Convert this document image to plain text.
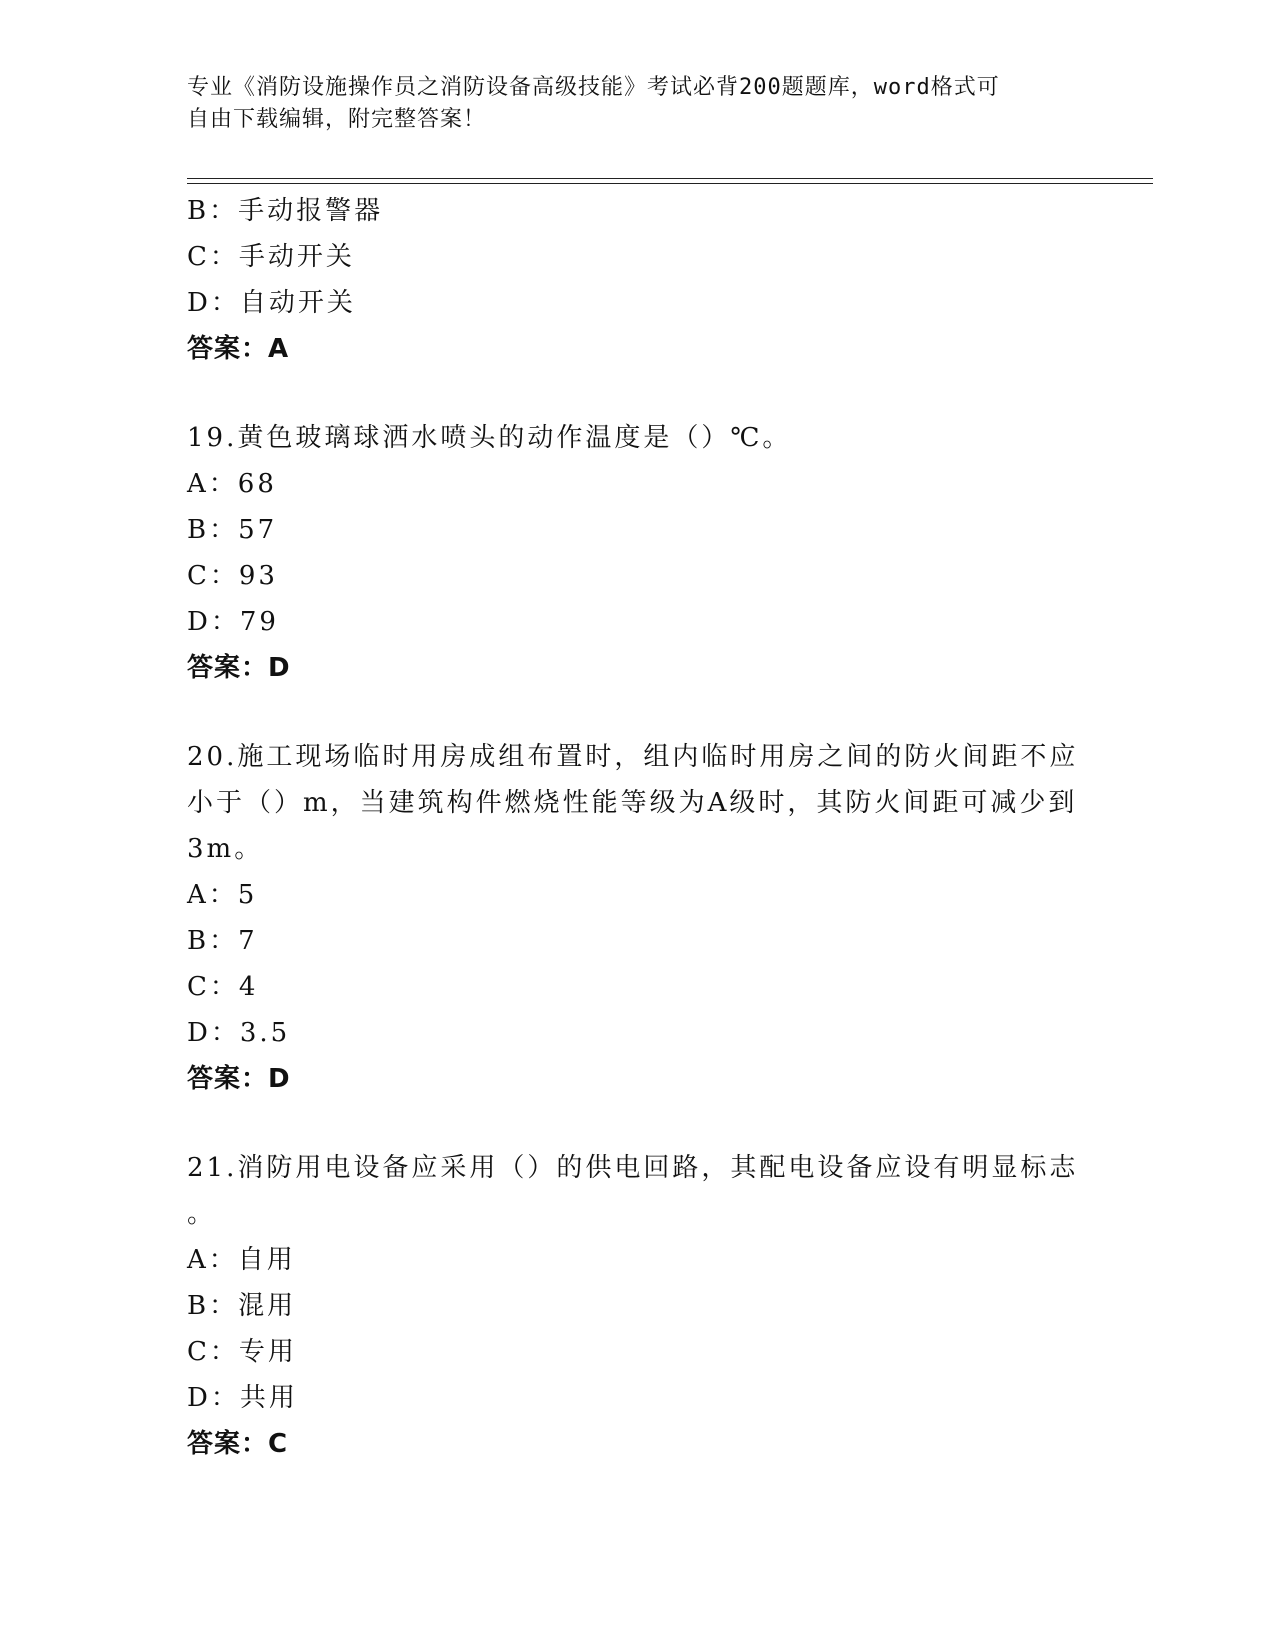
专业《消防设施操作员之消防设备高级技能》考试必背200题题库，word格式可
自由下载编辑，附完整答案！
B：手动报警器
C：手动开关
D：自动开关
答案：A
19.黄色玻璃球洒水喷头的动作温度是（）℃。
A：68
B：57
C：93
D：79
答案：D
20.施工现场临时用房成组布置时，组内临时用房之间的防火间距不应
小于（）m，当建筑构件燃烧性能等级为A级时，其防火间距可减少到
3m。
A：5
B：7
C：4
D：3.5
答案：D
21.消防用电设备应采用（）的供电回路，其配电设备应设有明显标志
。
A：自用
B：混用
C：专用
D：共用
答案：C
